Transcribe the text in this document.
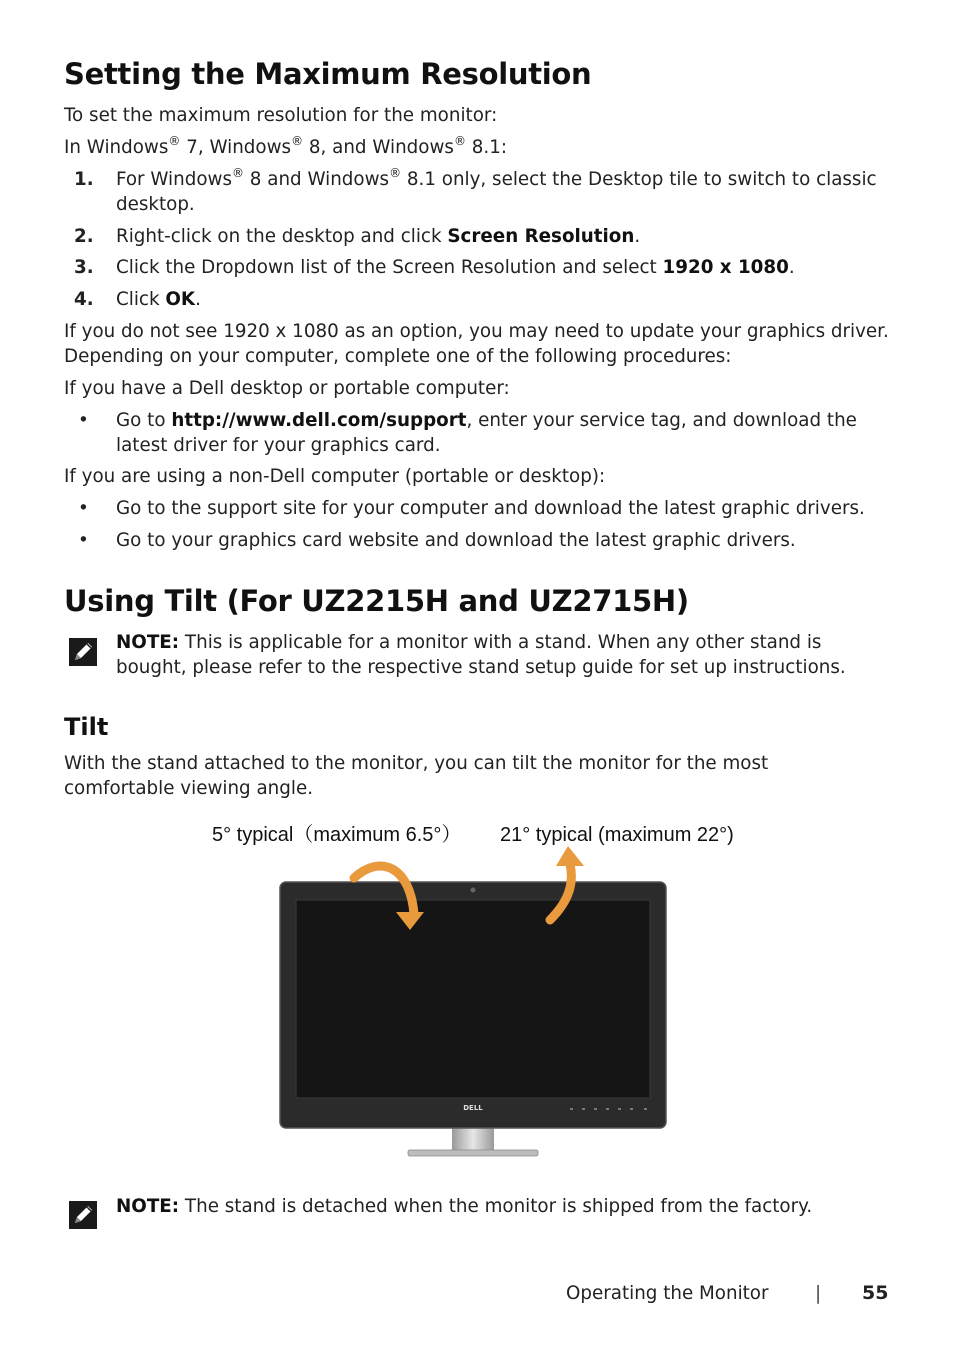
Setting the Maximum Resolution

To set the maximum resolution for the monitor:

In Windows® 7, Windows® 8, and Windows® 8.1:

1.	For Windows® 8 and Windows® 8.1 only, select the Desktop tile to switch to classic desktop.
2.	Right-click on the desktop and click Screen Resolution.
3.	Click the Dropdown list of the Screen Resolution and select 1920 x 1080.
4.	Click OK.

If you do not see 1920 x 1080 as an option, you may need to update your graphics driver. Depending on your computer, complete one of the following procedures:

If you have a Dell desktop or portable computer:

• Go to http://www.dell.com/support, enter your service tag, and download the latest driver for your graphics card.

If you are using a non-Dell computer (portable or desktop):

• Go to the support site for your computer and download the latest graphic drivers.
• Go to your graphics card website and download the latest graphic drivers.
Using Tilt (For UZ2215H and UZ2715H)
NOTE: This is applicable for a monitor with a stand. When any other stand is bought, please refer to the respective stand setup guide for set up instructions.
Tilt

With the stand attached to the monitor, you can tilt the monitor for the most comfortable viewing angle.

5° typical（maximum 6.5°） 21° typical (maximum 22°)
DELL
NOTE: The stand is detached when the monitor is shipped from the factory.
Operating the Monitor	| 55
